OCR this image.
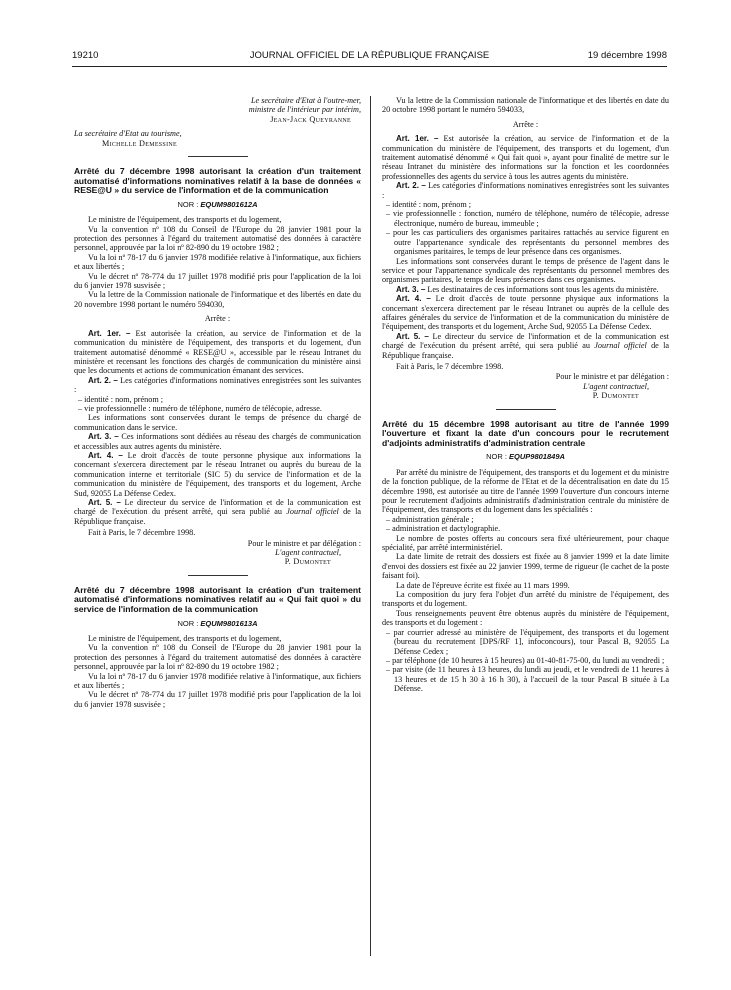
19210	JOURNAL OFFICIEL DE LA RÉPUBLIQUE FRANÇAISE	19 décembre 1998

Le secrétaire d'Etat à l'outre-mer,

ministre de l'intérieur par intérim,

Jean-Jack Queyranne

La secrétaire d'Etat au tourisme,

Michelle Demessine

Arrêté du 7 décembre 1998 autorisant la création d'un traitement automatisé d'informations nominatives relatif à la base de données « RESE@U » du service de l'information et de la communication

NOR : EQUM9801612A

Le ministre de l'équipement, des transports et du logement,

Vu la convention nº 108 du Conseil de l'Europe du 28 janvier 1981 pour la protection des personnes à l'égard du traitement automatisé des données à caractère personnel, approuvée par la loi nº 82-890 du 19 octobre 1982 ;

Vu la loi nº 78-17 du 6 janvier 1978 modifiée relative à l'informatique, aux fichiers et aux libertés ;

Vu le décret nº 78-774 du 17 juillet 1978 modifié pris pour l'application de la loi du 6 janvier 1978 susvisée ;

Vu la lettre de la Commission nationale de l'informatique et des libertés en date du 20 novembre 1998 portant le numéro 594030,

Arrête :

Art. 1er. – Est autorisée la création, au service de l'information et de la communication du ministère de l'équipement, des transports et du logement, d'un traitement automatisé dénommé « RESE@U », accessible par le réseau Intranet du ministère et recensant les fonctions des chargés de communication du ministère ainsi que les documents et actions de communication émanant des services.

Art. 2. – Les catégories d'informations nominatives enregistrées sont les suivantes :

– identité : nom, prénom ;
– vie professionnelle : numéro de téléphone, numéro de télécopie, adresse.

Les informations sont conservées durant le temps de présence du chargé de communication dans le service.

Art. 3. – Ces informations sont dédiées au réseau des chargés de communication et accessibles aux autres agents du ministère.

Art. 4. – Le droit d'accès de toute personne physique aux informations la concernant s'exercera directement par le réseau Intranet ou auprès du bureau de la communication interne et territoriale (SIC 5) du service de l'information et de la communication du ministère de l'équipement, des transports et du logement, Arche Sud, 92055 La Défense Cedex.

Art. 5. – Le directeur du service de l'information et de la communication est chargé de l'exécution du présent arrêté, qui sera publié au Journal officiel de la République française.

Fait à Paris, le 7 décembre 1998.

Pour le ministre et par délégation :

L'agent contractuel,

P. Dumontet

Arrêté du 7 décembre 1998 autorisant la création d'un traitement automatisé d'informations nominatives relatif au « Qui fait quoi » du service de l'information de la communication

NOR : EQUM9801613A

Le ministre de l'équipement, des transports et du logement,

Vu la convention nº 108 du Conseil de l'Europe du 28 janvier 1981 pour la protection des personnes à l'égard du traitement automatisé des données à caractère personnel, approuvée par la loi nº 82-890 du 19 octobre 1982 ;

Vu la loi nº 78-17 du 6 janvier 1978 modifiée relative à l'informatique, aux fichiers et aux libertés ;

Vu le décret nº 78-774 du 17 juillet 1978 modifié pris pour l'application de la loi du 6 janvier 1978 susvisée ;

Vu la lettre de la Commission nationale de l'informatique et des libertés en date du 20 octobre 1998 portant le numéro 594033,

Arrête :

Art. 1er. – Est autorisée la création, au service de l'information et de la communication du ministère de l'équipement, des transports et du logement, d'un traitement automatisé dénommé « Qui fait quoi », ayant pour finalité de mettre sur le réseau Intranet du ministère des informations sur la fonction et les coordonnées professionnelles des agents du service à tous les autres agents du ministère.

Art. 2. – Les catégories d'informations nominatives enregistrées sont les suivantes :

– identité : nom, prénom ;
– vie professionnelle : fonction, numéro de téléphone, numéro de télécopie, adresse électronique, numéro de bureau, immeuble ;
– pour les cas particuliers des organismes paritaires rattachés au service figurent en outre l'appartenance syndicale des représentants du personnel membres des organismes paritaires, le temps de leur présence dans ces organismes.

Les informations sont conservées durant le temps de présence de l'agent dans le service et pour l'appartenance syndicale des représentants du personnel membres des organismes paritaires, le temps de leurs présences dans ces organismes.

Art. 3. – Les destinataires de ces informations sont tous les agents du ministère.

Art. 4. – Le droit d'accès de toute personne physique aux informations la concernant s'exercera directement par le réseau Intranet ou auprès de la cellule des affaires générales du service de l'information et de la communication du ministère de l'équipement, des transports et du logement, Arche Sud, 92055 La Défense Cedex.

Art. 5. – Le directeur du service de l'information et de la communication est chargé de l'exécution du présent arrêté, qui sera publié au Journal officiel de la République française.

Fait à Paris, le 7 décembre 1998.

Pour le ministre et par délégation :

L'agent contractuel,

P. Dumontet

Arrêté du 15 décembre 1998 autorisant au titre de l'année 1999 l'ouverture et fixant la date d'un concours pour le recrutement d'adjoints administratifs d'administration centrale

NOR : EQUP9801849A

Par arrêté du ministre de l'équipement, des transports et du logement et du ministre de la fonction publique, de la réforme de l'Etat et de la décentralisation en date du 15 décembre 1998, est autorisée au titre de l'année 1999 l'ouverture d'un concours interne pour le recrutement d'adjoints administratifs d'administration centrale du ministère de l'équipement, des transports et du logement dans les spécialités :

– administration générale ;
– administration et dactylographie.

Le nombre de postes offerts au concours sera fixé ultérieurement, pour chaque spécialité, par arrêté interministériel.

La date limite de retrait des dossiers est fixée au 8 janvier 1999 et la date limite d'envoi des dossiers est fixée au 22 janvier 1999, terme de rigueur (le cachet de la poste faisant foi).

La date de l'épreuve écrite est fixée au 11 mars 1999.

La composition du jury fera l'objet d'un arrêté du ministre de l'équipement, des transports et du logement.

Tous renseignements peuvent être obtenus auprès du ministère de l'équipement, des transports et du logement :

– par courrier adressé au ministère de l'équipement, des transports et du logement (bureau du recrutement [DPS/RF 1], infoconcours), tour Pascal B, 92055 La Défense Cedex ;
– par téléphone (de 10 heures à 15 heures) au 01-40-81-75-00, du lundi au vendredi ;
– par visite (de 11 heures à 13 heures, du lundi au jeudi, et le vendredi de 11 heures à 13 heures et de 15 h 30 à 16 h 30), à l'accueil de la tour Pascal B située à La Défense.
